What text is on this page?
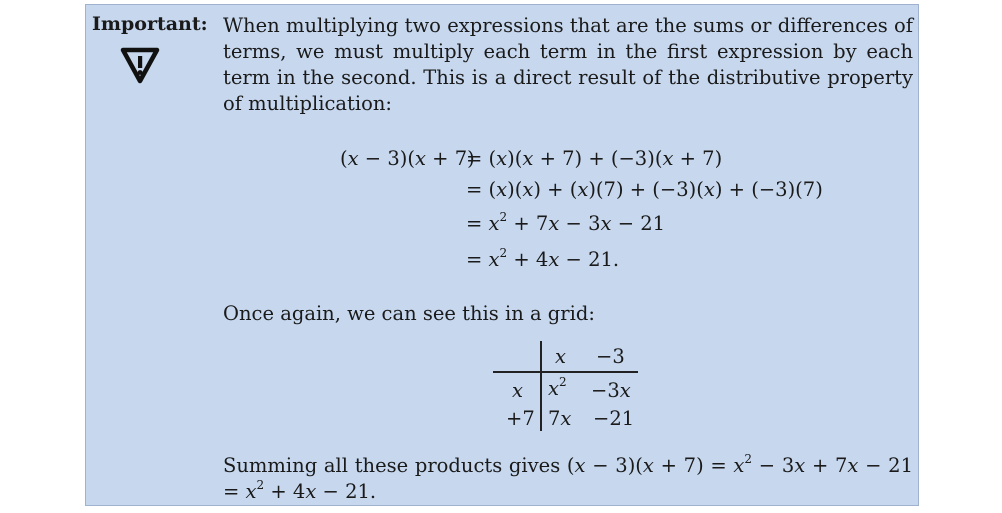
Important: When multiplying two expressions that are the sums or differences of terms, we must multiply each term in the first expression by each term in the second. This is a direct result of the distributive property of multiplication:
(x − 3)(x + 7)
= (x)(x + 7) + (−3)(x + 7)
= (x)(x) + (x)(7) + (−3)(x) + (−3)(7)
= $x^2 + 7x - 3x - 21$
= $x^2 + 4x - 21$.
Once again, we can see this in a grid:
x −3
x $x^2 -3x$
+7 7x −21
Summing all these products gives $(x - 3)(x + 7) = x^2 - 3x + 7x - 21 = x^2 + 4x - 21$.
